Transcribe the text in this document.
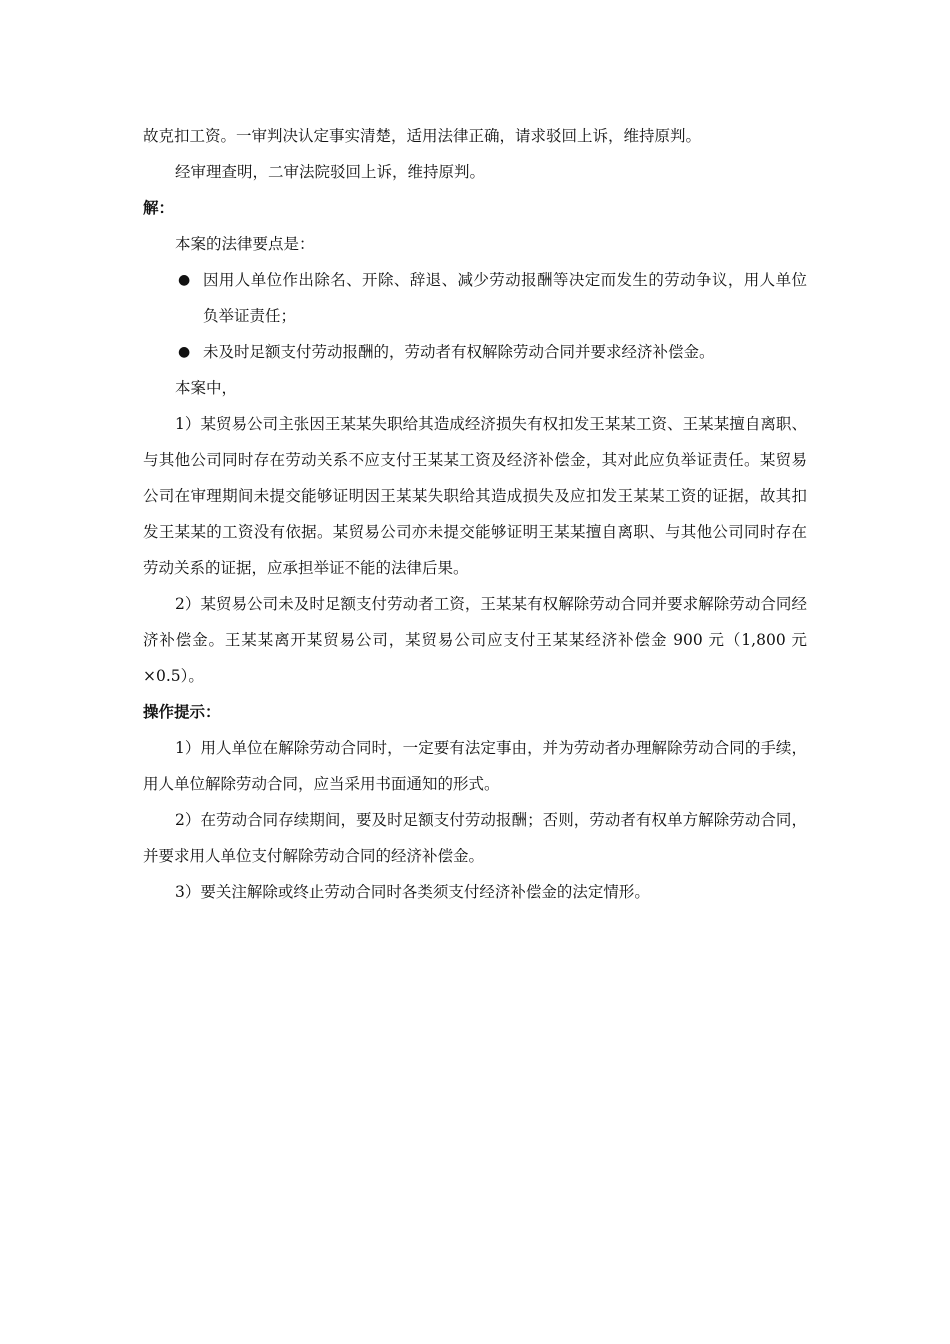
故克扣工资。一审判决认定事实清楚，适用法律正确，请求驳回上诉，维持原判。

经审理查明，二审法院驳回上诉，维持原判。

解：

本案的法律要点是：

● 因用人单位作出除名、开除、辞退、减少劳动报酬等决定而发生的劳动争议，用人单位负举证责任；

● 未及时足额支付劳动报酬的，劳动者有权解除劳动合同并要求经济补偿金。

本案中，

1）某贸易公司主张因王某某失职给其造成经济损失有权扣发王某某工资、王某某擅自离职、与其他公司同时存在劳动关系不应支付王某某工资及经济补偿金，其对此应负举证责任。某贸易公司在审理期间未提交能够证明因王某某失职给其造成损失及应扣发王某某工资的证据，故其扣发王某某的工资没有依据。某贸易公司亦未提交能够证明王某某擅自离职、与其他公司同时存在劳动关系的证据，应承担举证不能的法律后果。

2）某贸易公司未及时足额支付劳动者工资，王某某有权解除劳动合同并要求解除劳动合同经济补偿金。王某某离开某贸易公司，某贸易公司应支付王某某经济补偿金 900 元（1,800 元×0.5）。

操作提示：

1）用人单位在解除劳动合同时，一定要有法定事由，并为劳动者办理解除劳动合同的手续，用人单位解除劳动合同，应当采用书面通知的形式。

2）在劳动合同存续期间，要及时足额支付劳动报酬；否则，劳动者有权单方解除劳动合同，并要求用人单位支付解除劳动合同的经济补偿金。

3）要关注解除或终止劳动合同时各类须支付经济补偿金的法定情形。
